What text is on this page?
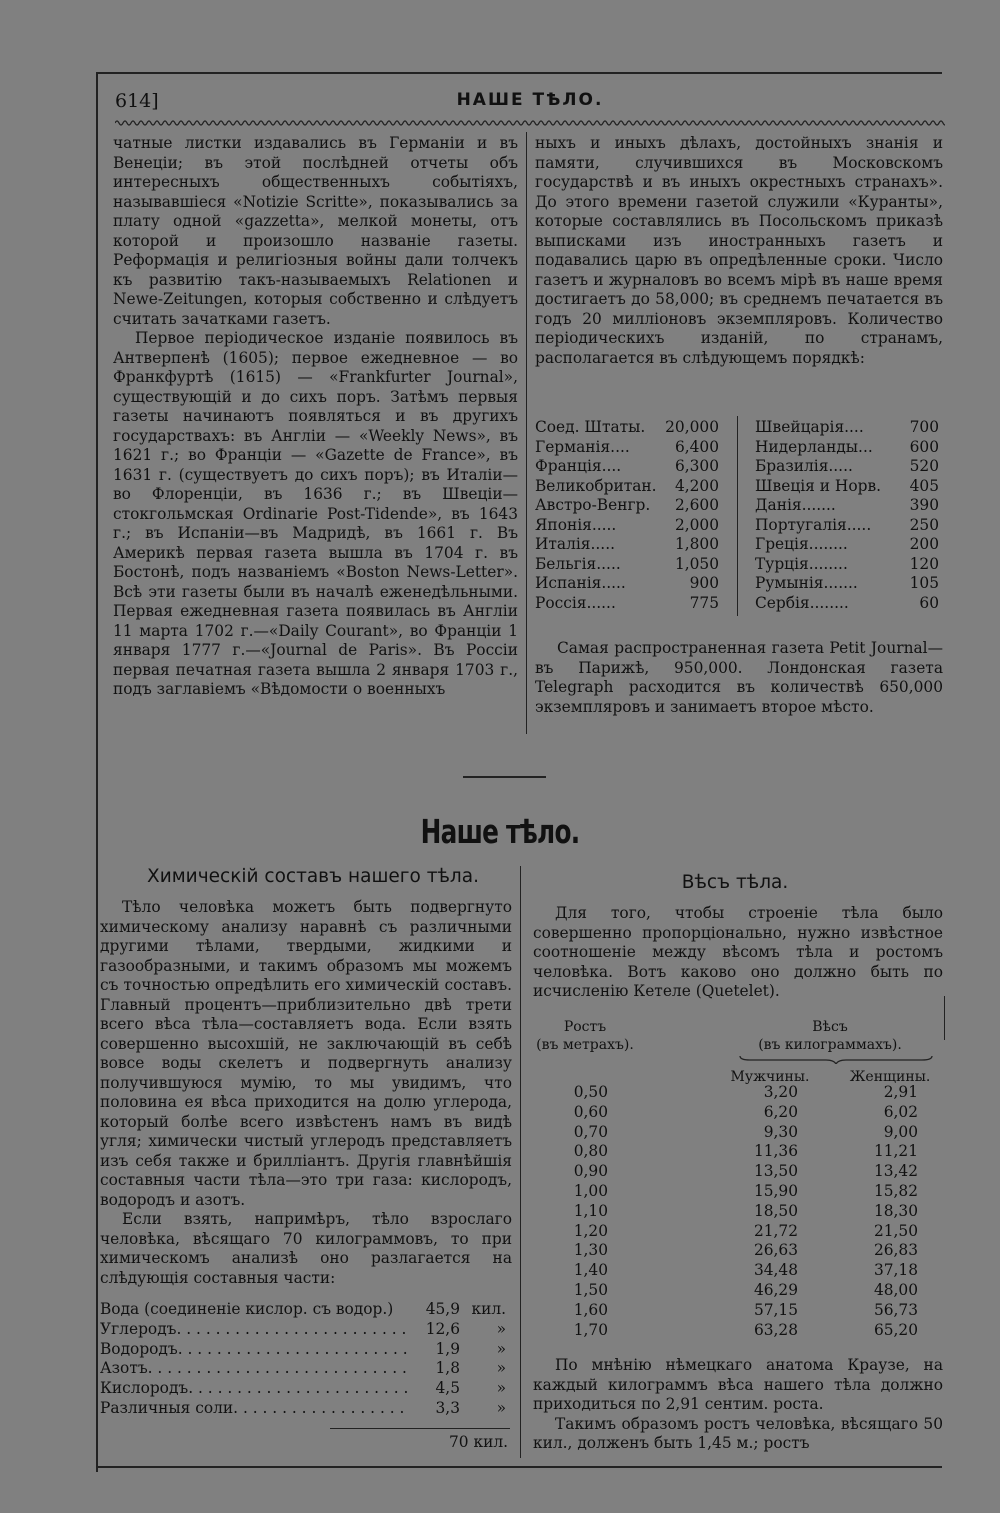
614]	НАШЕ ТѢЛО.

чатные листки издавались въ Германіи и въ Венеціи; въ этой послѣдней отчеты объ интересныхъ общественныхъ событіяхъ, называвшіеся «Notizie Scritte», показывались за плату одной «gazzetta», мелкой монеты, отъ которой и произошло названіе газеты. Реформація и религіозныя войны дали толчекъ къ развитію такъ-называемыхъ Relationen и Newe-Zeitungen, которыя собственно и слѣдуетъ считать зачатками газетъ.

Первое періодическое изданіе появилось въ Антверпенѣ (1605); первое ежедневное — во Франкфуртѣ (1615) — «Frankfurter Journal», существующій и до сихъ поръ. Затѣмъ первыя газеты начинаютъ появляться и въ другихъ государствахъ: въ Англіи — «Weekly News», въ 1621 г.; во Франціи — «Gazette de France», въ 1631 г. (существуетъ до сихъ поръ); въ Италіи—во Флоренціи, въ 1636 г.; въ Швеціи—стокгольмская Ordinarie Post-Tidende», въ 1643 г.; въ Испаніи—въ Мадридѣ, въ 1661 г. Въ Америкѣ первая газета вышла въ 1704 г. въ Бостонѣ, подъ названіемъ «Boston News-Letter». Всѣ эти газеты были въ началѣ еженедѣльными. Первая ежедневная газета появилась въ Англіи 11 марта 1702 г.—«Daily Courant», во Франціи 1 января 1777 г.—«Journal de Paris». Въ Россіи первая печатная газета вышла 2 января 1703 г., подъ заглавіемъ «Вѣдомости о военныхъ

ныхъ и иныхъ дѣлахъ, достойныхъ знанія и памяти, случившихся въ Московскомъ государствѣ и въ иныхъ окрестныхъ странахъ». До этого времени газетой служили «Куранты», которые составлялись въ Посольскомъ приказѣ выписками изъ иностранныхъ газетъ и подавались царю въ опредѣленные сроки. Число газетъ и журналовъ во всемъ мірѣ въ наше время достигаетъ до 58,000; въ среднемъ печатается въ годъ 20 милліоновъ экземпляровъ. Количество періодическихъ изданій, по странамъ, располагается въ слѣдующемъ порядкѣ:

Соед. Штаты.	20,000
Германія....	6,400
Франція....	6,300
Великобритан.	4,200
Австро-Венгр.	2,600
Японія.....	2,000
Италія.....	1,800
Бельгія.....	1,050
Испанія.....	900
Россія......	775
Швейцарія....	700
Нидерланды...	600
Бразилія.....	520
Швеція и Норв.	405
Данія.......	390
Португалія.....	250
Греція........	200
Турція........	120
Румынія.......	105
Сербія........	60

Самая распространенная газета Petit Journal—въ Парижѣ, 950,000. Лондонская газета Telegraph расходится въ количествѣ 650,000 экземпляровъ и занимаетъ второе мѣсто.

Наше тѣло.
Химическій составъ нашего тѣла.

Тѣло человѣка можетъ быть подвергнуто химическому анализу наравнѣ съ различными другими тѣлами, твердыми, жидкими и газообразными, и такимъ образомъ мы можемъ съ точностью опредѣлить его химическій составъ. Главный процентъ—приблизительно двѣ трети всего вѣса тѣла—составляетъ вода. Если взять совершенно высохшій, не заключающій въ себѣ вовсе воды скелетъ и подвергнуть анализу получившуюся мумію, то мы увидимъ, что половина ея вѣса приходится на долю углерода, который болѣе всего извѣстенъ намъ въ видѣ угля; химически чистый углеродъ представляетъ изъ себя также и брилліантъ. Другія главнѣйшія составныя части тѣла—это три газа: кислородъ, водородъ и азотъ.

Если взять, напримѣръ, тѣло взрослаго человѣка, вѣсящаго 70 килограммовъ, то при химическомъ анализѣ оно разлагается на слѣдующія составныя части:

Вода (соединеніе кислор. съ водор.)	45,9 кил.
Углеродъ . . .	12,6	»
Водородъ . . .	1,9	»
Азотъ . . .	1,8	»
Кислородъ . . .	4,5	»
Различныя соли . . .	3,3	»
70 кил.
Вѣсъ тѣла.

Для того, чтобы строеніе тѣла было совершенно пропорціонально, нужно извѣстное соотношеніе между вѣсомъ тѣла и ростомъ человѣка. Вотъ каково оно должно быть по исчисленію Кетеле (Quetelet).

Ростъ
(въ метрахъ).
Вѣсъ
(въ килограммахъ).
Мужчины.	Женщины.
0,50	3,20	2,91
0,60	6,20	6,02
0,70	9,30	9,00
0,80	11,36	11,21
0,90	13,50	13,42
1,00	15,90	15,82
1,10	18,50	18,30
1,20	21,72	21,50
1,30	26,63	26,83
1,40	34,48	37,18
1,50	46,29	48,00
1,60	57,15	56,73
1,70	63,28	65,20

По мнѣнію нѣмецкаго анатома Краузе, на каждый килограммъ вѣса нашего тѣла должно приходиться по 2,91 сентим. роста.

Такимъ образомъ ростъ человѣка, вѣсящаго 50 кил., долженъ быть 1,45 м.; ростъ
